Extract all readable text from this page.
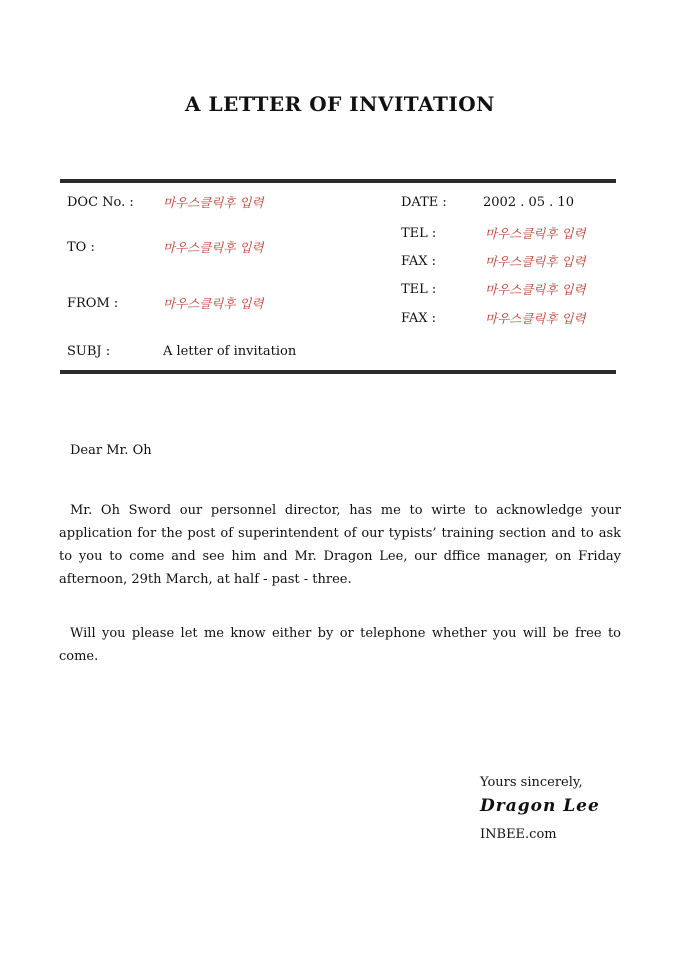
A LETTER OF INVITATION
DOC No. : 마우스클릭후 입력	DATE :	2002 . 05 . 10
TO :	마우스클릭후 입력
TEL :	마우스클릭후 입력
FAX :	마우스클릭후 입력
FROM :	마우스클릭후 입력
TEL :	마우스클릭후 입력
FAX :	마우스클릭후 입력
SUBJ :	A letter of invitation
Dear Mr. Oh
Mr. Oh Sword our personnel director, has me to wirte to acknowledge your application for the post of superintendent of our typists’ training section and to ask to you to come and see him and Mr. Dragon Lee, our dffice manager, on Friday afternoon, 29th March, at half - past - three.
Will you please let me know either by or telephone whether you will be free to come.
Yours sincerely,
Dragon Lee
INBEE.com
